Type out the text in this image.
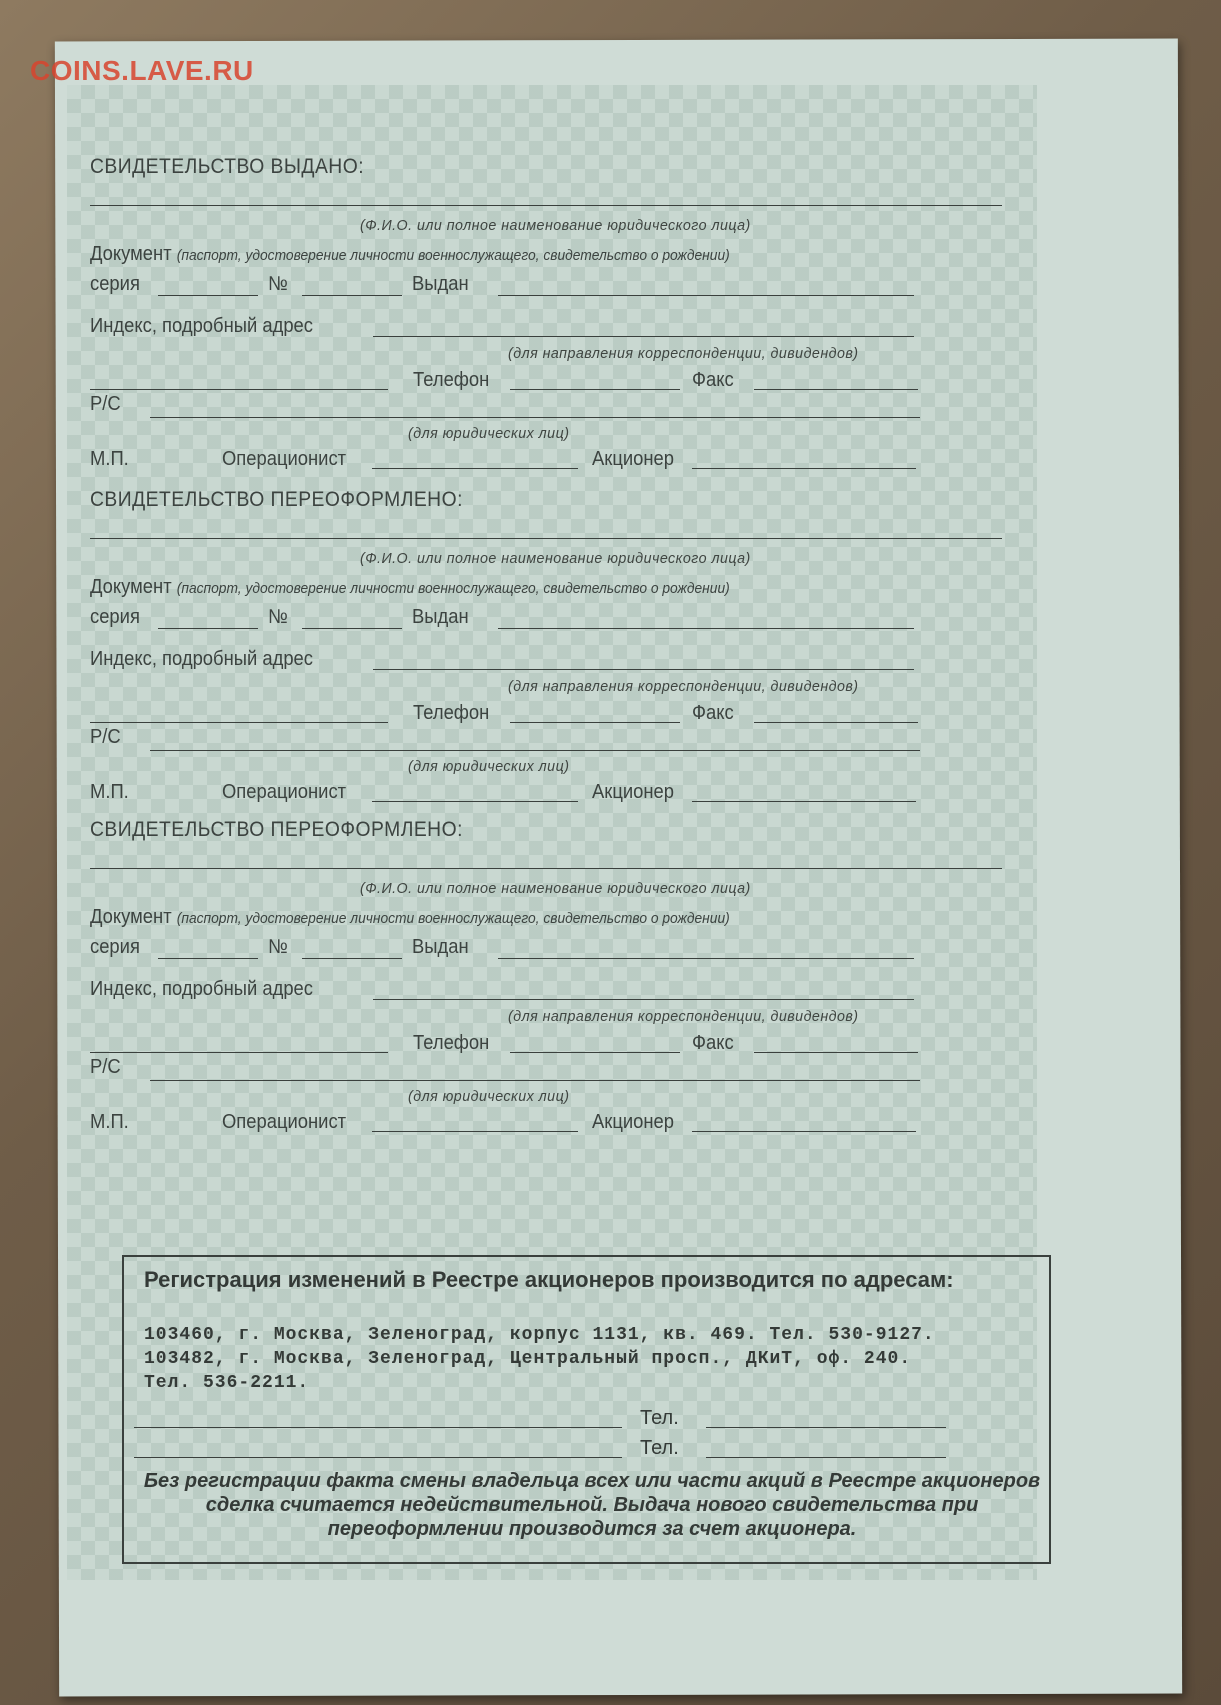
COINS.LAVE.RU
СВИДЕТЕЛЬСТВО ВЫДАНО:
(Ф.И.О. или полное наименование юридического лица)
Документ (паспорт, удостоверение личности военнослужащего, свидетельство о рождении)
серия	№	Выдан
Индекс, подробный адрес
(для направления корреспонденции, дивидендов)
Телефон	Факс
Р/С
(для юридических лиц)
М.П.	Операционист	Акционер
СВИДЕТЕЛЬСТВО ПЕРЕОФОРМЛЕНО:
(Ф.И.О. или полное наименование юридического лица)
Документ (паспорт, удостоверение личности военнослужащего, свидетельство о рождении)
серия	№	Выдан
Индекс, подробный адрес
(для направления корреспонденции, дивидендов)
Телефон	Факс
Р/С
(для юридических лиц)
М.П.	Операционист	Акционер
СВИДЕТЕЛЬСТВО ПЕРЕОФОРМЛЕНО:
(Ф.И.О. или полное наименование юридического лица)
Документ (паспорт, удостоверение личности военнослужащего, свидетельство о рождении)
серия	№	Выдан
Индекс, подробный адрес
(для направления корреспонденции, дивидендов)
Телефон	Факс
Р/С
(для юридических лиц)
М.П.	Операционист	Акционер
Регистрация изменений в Реестре акционеров производится по адресам:
103460, г. Москва, Зеленоград, корпус 1131, кв. 469. Тел. 530-9127.
103482, г. Москва, Зеленоград, Центральный просп., ДКиТ, оф. 240.
Тел. 536-2211.
Тел.
Тел.
Без регистрации факта смены владельца всех или части акций в Реестре акционеров сделка считается недействительной. Выдача нового свидетельства при переоформлении производится за счет акционера.
